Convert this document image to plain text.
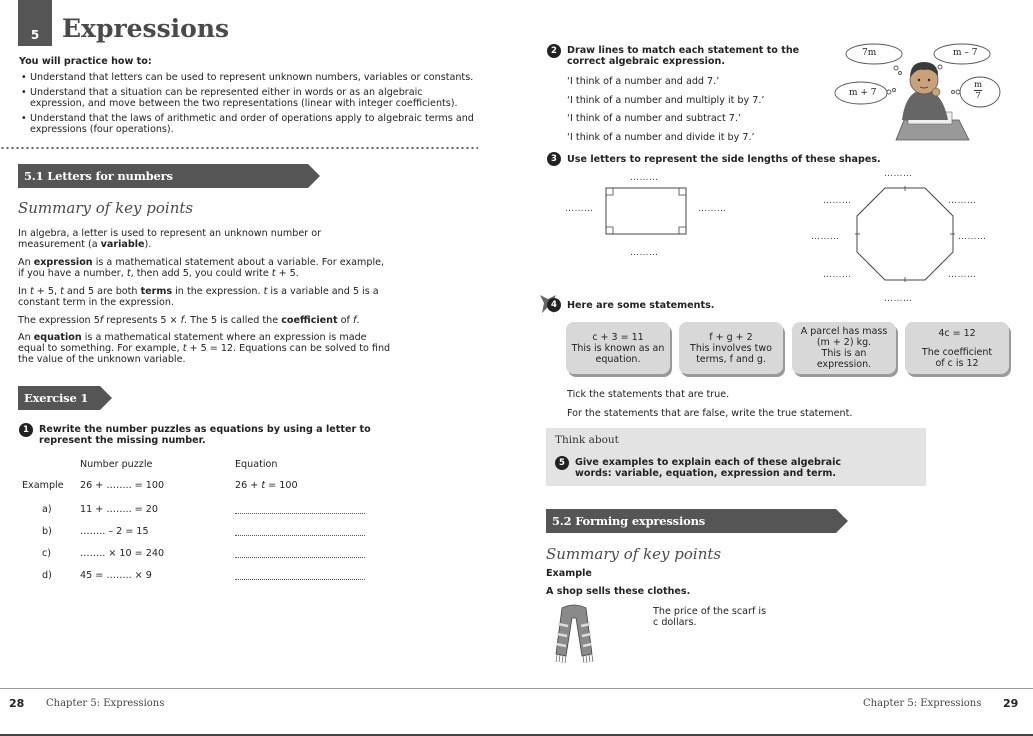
5 Expressions
You will practice how to:
• Understand that letters can be used to represent unknown numbers, variables or constants.
• Understand that a situation can be represented either in words or as an algebraic expression, and move between the two representations (linear with integer coefficients).
• Understand that the laws of arithmetic and order of operations apply to algebraic terms and expressions (four operations).
5.1 Letters for numbers
Summary of key points
In algebra, a letter is used to represent an unknown number or measurement (a variable).
An expression is a mathematical statement about a variable. For example, if you have a number, t, then add 5, you could write t + 5.
In t + 5, t and 5 are both terms in the expression. t is a variable and 5 is a constant term in the expression.
The expression 5f represents 5 × f. The 5 is called the coefficient of f.
An equation is a mathematical statement where an expression is made equal to something. For example, t + 5 = 12. Equations can be solved to find the value of the unknown variable.
Exercise 1
1 Rewrite the number puzzles as equations by using a letter to represent the missing number.
Number puzzle	Equation
Example 26 + …….. = 100	26 + t = 100
a)	11 + …….. = 20
b)	…….. – 2 = 15
c)	…….. × 10 = 240
d)	45 = …….. × 9
2 Draw lines to match each statement to the correct algebraic expression.
‘I think of a number and add 7.’
‘I think of a number and multiply it by 7.’
‘I think of a number and subtract 7.’
‘I think of a number and divide it by 7.’
7m	m – 7
m + 7
m
7
3 Use letters to represent the side lengths of these shapes.
………
………	………
………
………
………	………
………	………
………	………
………
4 Here are some statements.
c + 3 = 11
This is known as an
equation.
f + g + 2
This involves two
terms, f and g.
A parcel has mass
(m + 2) kg.
This is an expression.
4c = 12
The coefficient
of c is 12
Tick the statements that are true.
For the statements that are false, write the true statement.
Think about
5 Give examples to explain each of these algebraic words: variable, equation, expression and term.
5.2 Forming expressions
Summary of key points
Example
A shop sells these clothes.
The price of the scarf is
c dollars.
28 Chapter 5: Expressions	Chapter 5: Expressions 29
